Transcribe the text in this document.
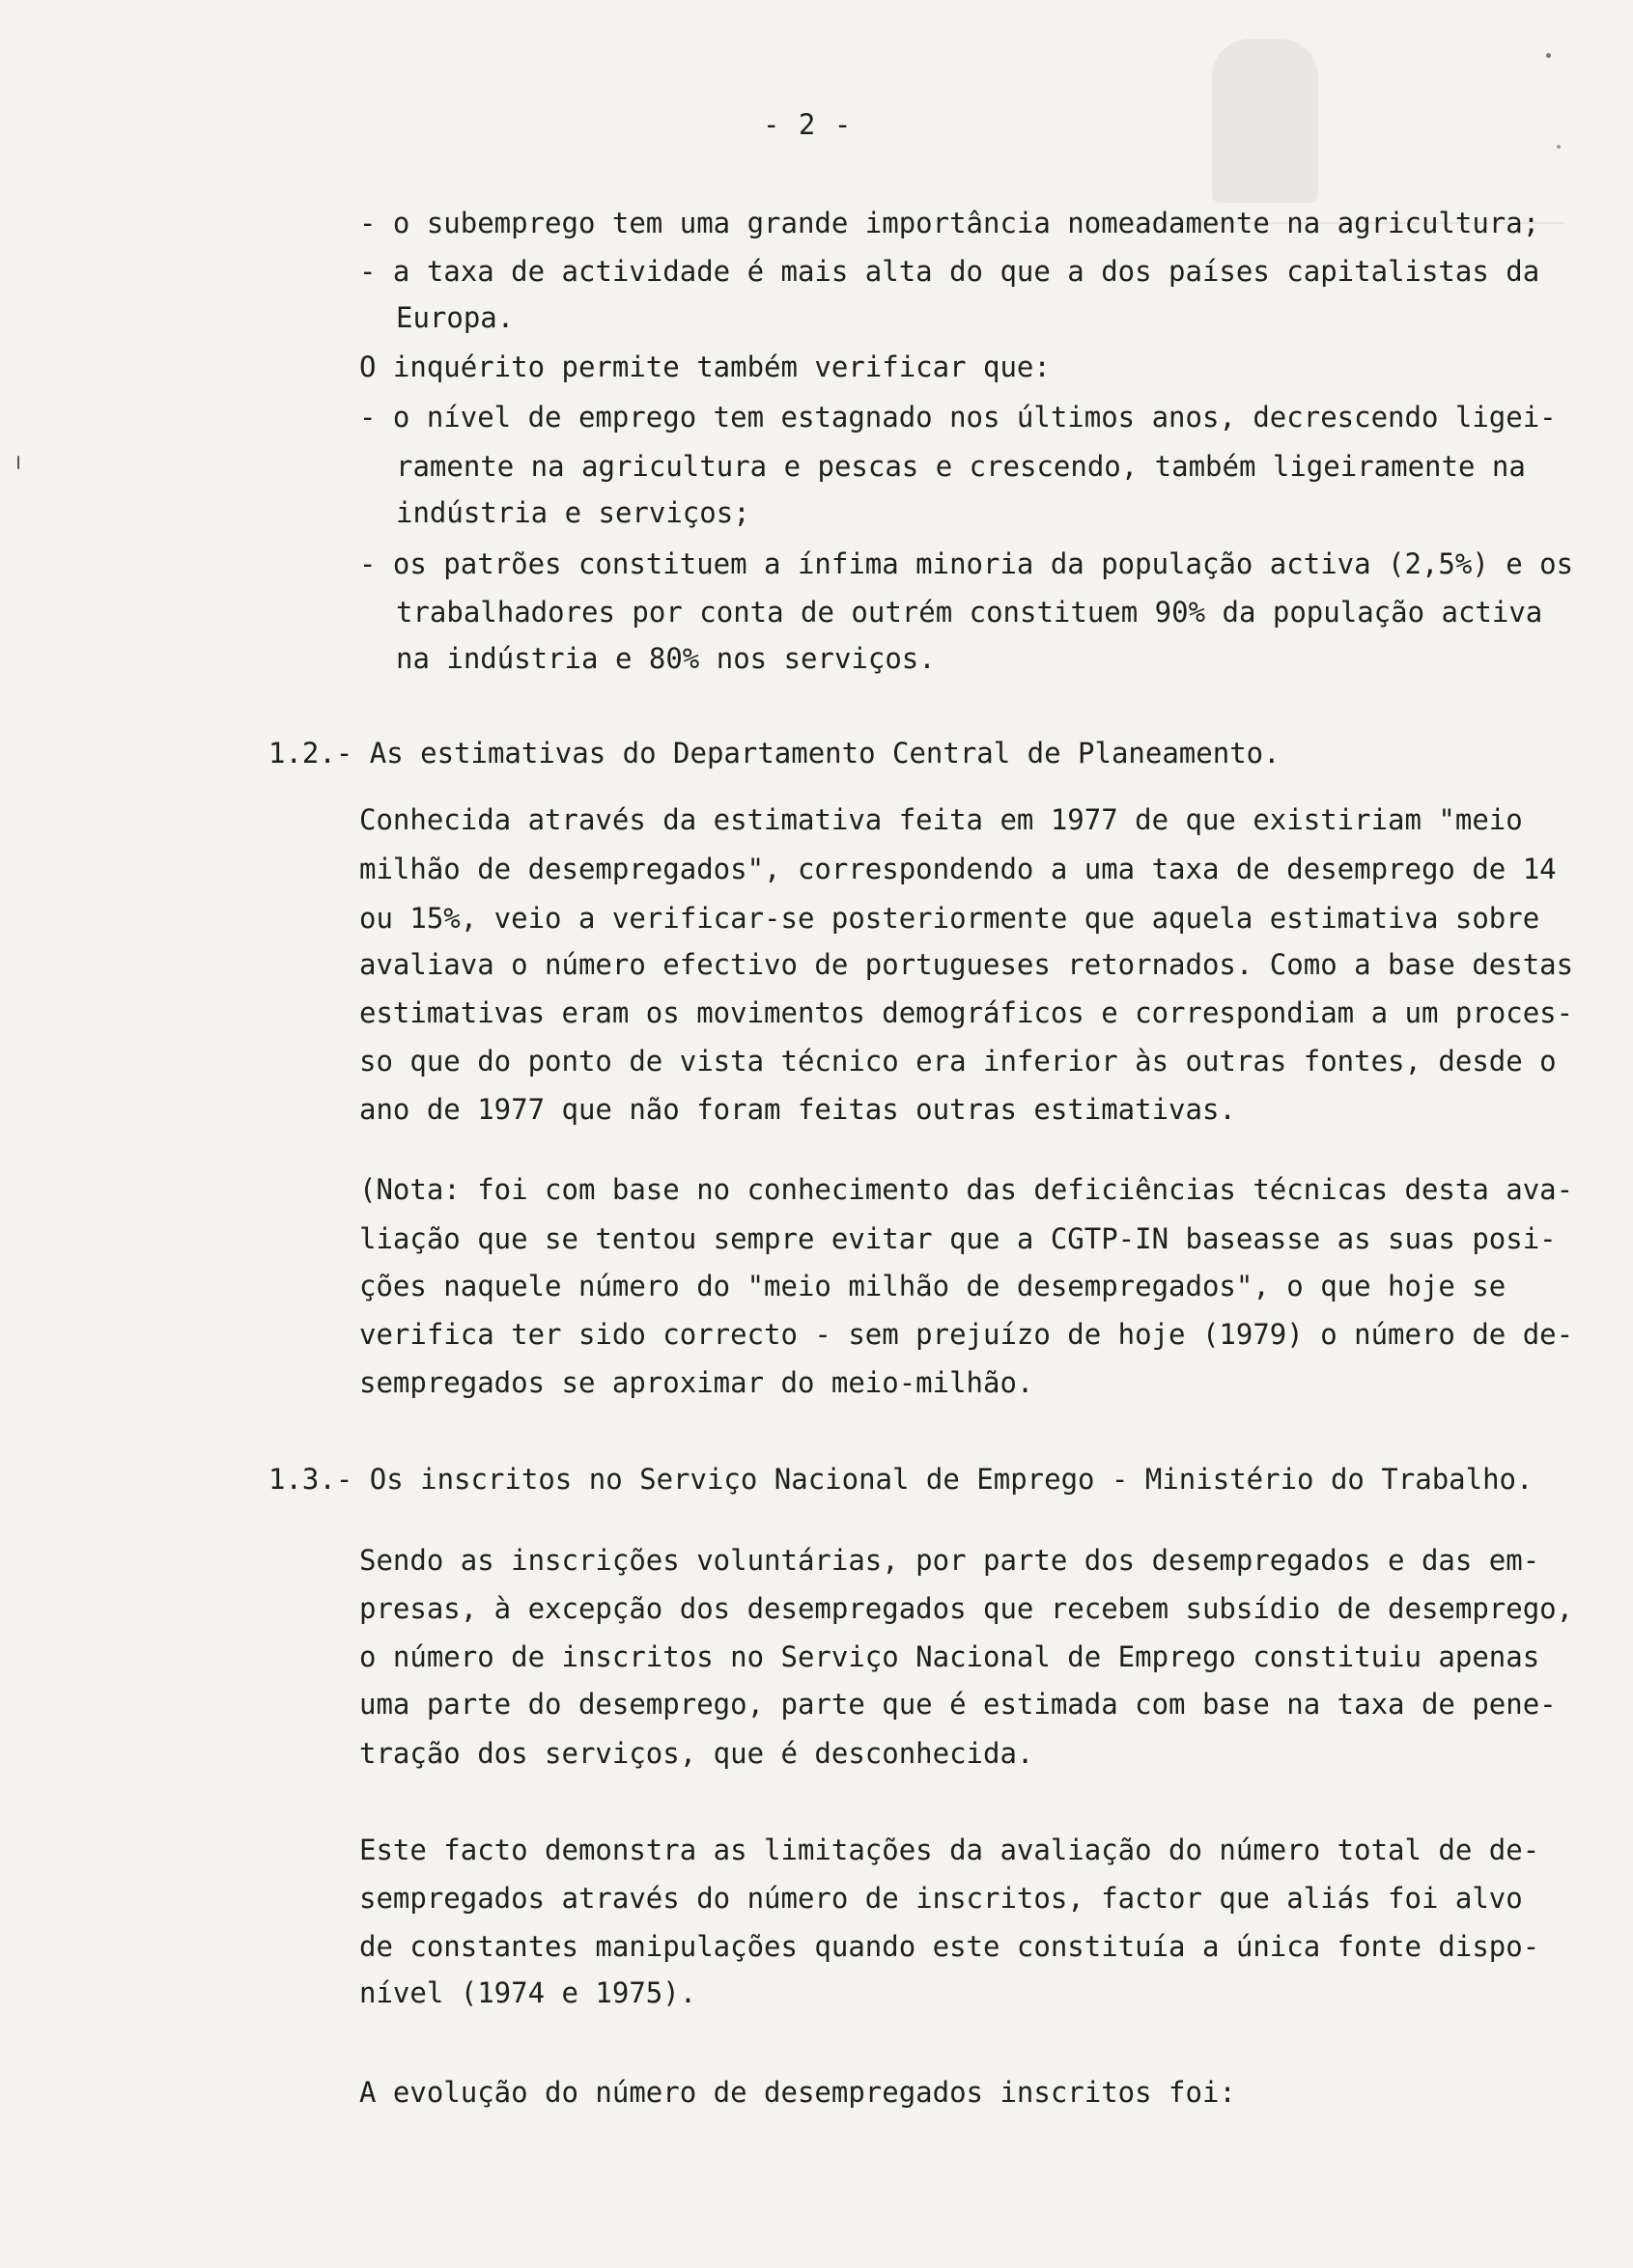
- 2 -
- o subemprego tem uma grande importância nomeadamente na agricultura;
- a taxa de actividade é mais alta do que a dos países capitalistas da
Europa.
O inquérito permite também verificar que:
- o nível de emprego tem estagnado nos últimos anos, decrescendo ligei-
ramente na agricultura e pescas e crescendo, também ligeiramente na
indústria e serviços;
- os patrões constituem a ínfima minoria da população activa (2,5%) e os
trabalhadores por conta de outrém constituem 90% da população activa
na indústria e 80% nos serviços.
1.2.- As estimativas do Departamento Central de Planeamento.
Conhecida através da estimativa feita em 1977 de que existiriam "meio
milhão de desempregados", correspondendo a uma taxa de desemprego de 14
ou 15%, veio a verificar-se posteriormente que aquela estimativa sobre
avaliava o número efectivo de portugueses retornados. Como a base destas
estimativas eram os movimentos demográficos e correspondiam a um proces-
so que do ponto de vista técnico era inferior às outras fontes, desde o
ano de 1977 que não foram feitas outras estimativas.
(Nota: foi com base no conhecimento das deficiências técnicas desta ava-
liação que se tentou sempre evitar que a CGTP-IN baseasse as suas posi-
ções naquele número do "meio milhão de desempregados", o que hoje se
verifica ter sido correcto - sem prejuízo de hoje (1979) o número de de-
sempregados se aproximar do meio-milhão.
1.3.- Os inscritos no Serviço Nacional de Emprego - Ministério do Trabalho.
Sendo as inscrições voluntárias, por parte dos desempregados e das em-
presas, à excepção dos desempregados que recebem subsídio de desemprego,
o número de inscritos no Serviço Nacional de Emprego constituiu apenas
uma parte do desemprego, parte que é estimada com base na taxa de pene-
tração dos serviços, que é desconhecida.
Este facto demonstra as limitações da avaliação do número total de de-
sempregados através do número de inscritos, factor que aliás foi alvo
de constantes manipulações quando este constituía a única fonte dispo-
nível (1974 e 1975).
A evolução do número de desempregados inscritos foi:
